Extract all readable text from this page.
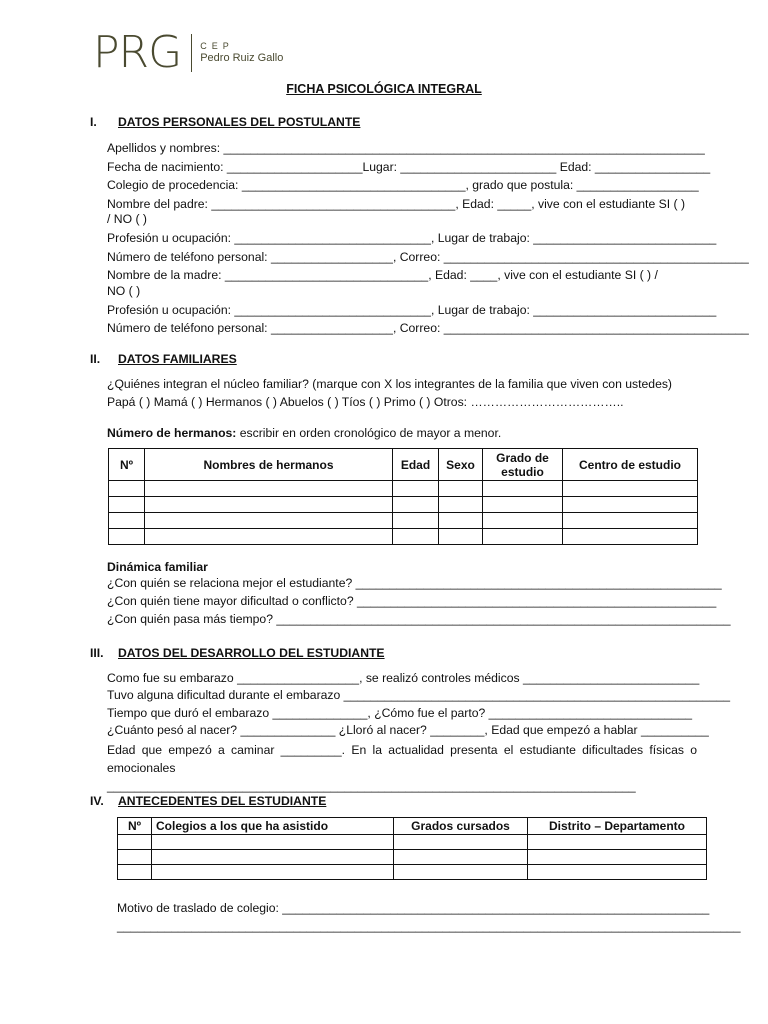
PRG CEP
Pedro Ruiz Gallo
FICHA PSICOLÓGICA INTEGRAL
I. DATOS PERSONALES DEL POSTULANTE
Apellidos y nombres: _______________________________________________________________________
Fecha de nacimiento: ____________________Lugar: _______________________ Edad: _________________
Colegio de procedencia: _________________________________, grado que postula: __________________
Nombre del padre: ____________________________________, Edad: _____, vive con el estudiante SI ( )
/ NO ( )
Profesión u ocupación: _____________________________, Lugar de trabajo: ___________________________
Número de teléfono personal: __________________, Correo: _____________________________________________
Nombre de la madre: ______________________________, Edad: ____, vive con el estudiante SI ( ) /
NO ( )
Profesión u ocupación: _____________________________, Lugar de trabajo: ___________________________
Número de teléfono personal: __________________, Correo: _____________________________________________
II. DATOS FAMILIARES
¿Quiénes integran el núcleo familiar? (marque con X los integrantes de la familia que viven con ustedes)
Papá ( ) Mamá ( ) Hermanos ( ) Abuelos ( ) Tíos ( ) Primo ( ) Otros: ………………………………..
Número de hermanos: escribir en orden cronológico de mayor a menor.
Nº	Nombres de hermanos	Edad	Sexo	Grado de estudio	Centro de estudio

Dinámica familiar
¿Con quién se relaciona mejor el estudiante? ______________________________________________________
¿Con quién tiene mayor dificultad o conflicto? _____________________________________________________
¿Con quién pasa más tiempo? ___________________________________________________________________
III. DATOS DEL DESARROLLO DEL ESTUDIANTE
Como fue su embarazo __________________, se realizó controles médicos __________________________
Tuvo alguna dificultad durante el embarazo _________________________________________________________
Tiempo que duró el embarazo ______________, ¿Cómo fue el parto? ______________________________
¿Cuánto pesó al nacer? ______________ ¿Lloró al nacer? ________, Edad que empezó a hablar __________
Edad que empezó a caminar _________. En la actualidad presenta el estudiante dificultades físicas o emocionales ______________________________________________________________________________
IV. ANTECEDENTES DEL ESTUDIANTE
Nº	Colegios a los que ha asistido	Grados cursados	Distrito – Departamento

Motivo de traslado de colegio: _______________________________________________________________
____________________________________________________________________________________________
